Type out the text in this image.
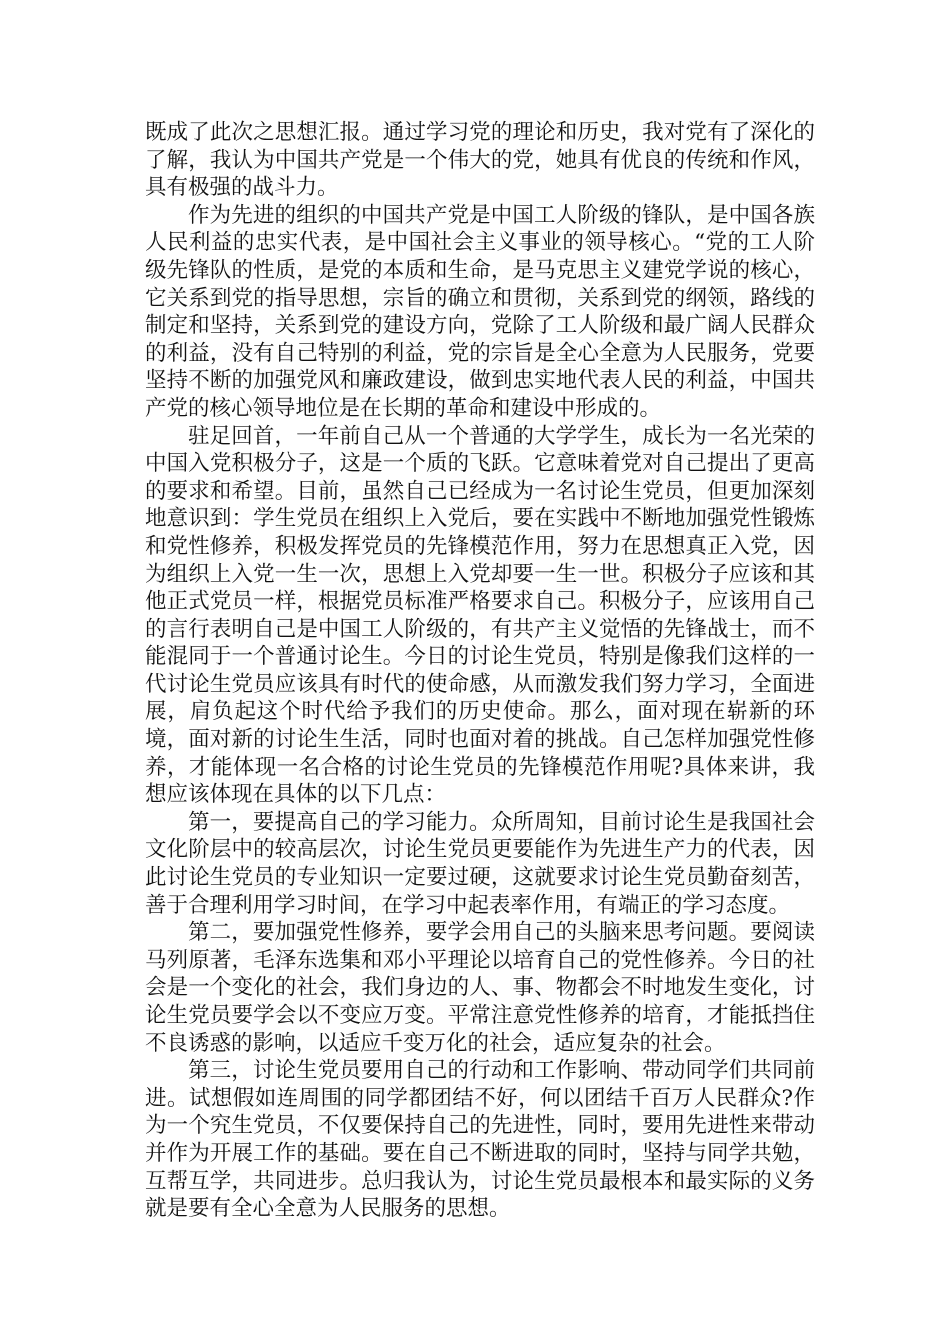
既成了此次之思想汇报。通过学习党的理论和历史，我对党有了深化的了解，我认为中国共产党是一个伟大的党，她具有优良的传统和作风，具有极强的战斗力。

作为先进的组织的中国共产党是中国工人阶级的锋队，是中国各族人民利益的忠实代表，是中国社会主义事业的领导核心。“党的工人阶级先锋队的性质，是党的本质和生命，是马克思主义建党学说的核心，它关系到党的指导思想，宗旨的确立和贯彻，关系到党的纲领，路线的制定和坚持，关系到党的建设方向，党除了工人阶级和最广阔人民群众的利益，没有自己特别的利益，党的宗旨是全心全意为人民服务，党要坚持不断的加强党风和廉政建设，做到忠实地代表人民的利益，中国共产党的核心领导地位是在长期的革命和建设中形成的。

驻足回首，一年前自己从一个普通的大学学生，成长为一名光荣的中国入党积极分子，这是一个质的飞跃。它意味着党对自己提出了更高的要求和希望。目前，虽然自己已经成为一名讨论生党员，但更加深刻地意识到：学生党员在组织上入党后，要在实践中不断地加强党性锻炼和党性修养，积极发挥党员的先锋模范作用，努力在思想真正入党，因为组织上入党一生一次，思想上入党却要一生一世。积极分子应该和其他正式党员一样，根据党员标准严格要求自己。积极分子，应该用自己的言行表明自己是中国工人阶级的，有共产主义觉悟的先锋战士，而不能混同于一个普通讨论生。今日的讨论生党员，特别是像我们这样的一代讨论生党员应该具有时代的使命感，从而激发我们努力学习，全面进展，肩负起这个时代给予我们的历史使命。那么，面对现在崭新的环境，面对新的讨论生生活，同时也面对着的挑战。自己怎样加强党性修养，才能体现一名合格的讨论生党员的先锋模范作用呢?具体来讲，我想应该体现在具体的以下几点：

第一，要提高自己的学习能力。众所周知，目前讨论生是我国社会文化阶层中的较高层次，讨论生党员更要能作为先进生产力的代表，因此讨论生党员的专业知识一定要过硬，这就要求讨论生党员勤奋刻苦，善于合理利用学习时间，在学习中起表率作用，有端正的学习态度。

第二，要加强党性修养，要学会用自己的头脑来思考问题。要阅读马列原著，毛泽东选集和邓小平理论以培育自己的党性修养。今日的社会是一个变化的社会，我们身边的人、事、物都会不时地发生变化，讨论生党员要学会以不变应万变。平常注意党性修养的培育，才能抵挡住不良诱惑的影响，以适应千变万化的社会，适应复杂的社会。

第三，讨论生党员要用自己的行动和工作影响、带动同学们共同前进。试想假如连周围的同学都团结不好，何以团结千百万人民群众?作为一个究生党员，不仅要保持自己的先进性，同时，要用先进性来带动并作为开展工作的基础。要在自己不断进取的同时，坚持与同学共勉，互帮互学，共同进步。总归我认为，讨论生党员最根本和最实际的义务就是要有全心全意为人民服务的思想。
